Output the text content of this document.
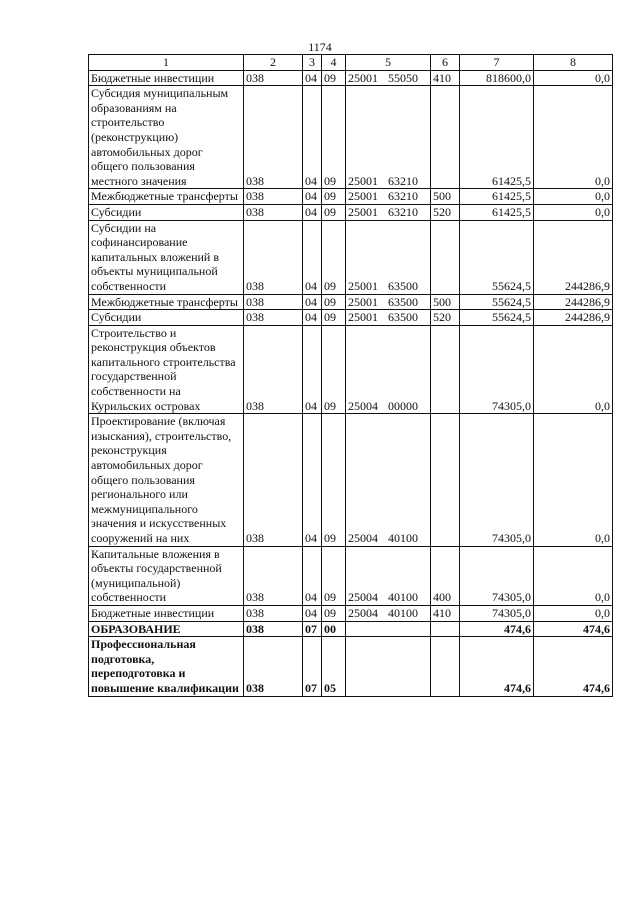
1174
1	2	3	4	5	6	7	8
Бюджетные инвестиции	038	04	09	25001 55050	410	818600,0	0,0
Субсидия муниципальным образованиям на строительство (реконструкцию) автомобильных дорог общего пользования местного значения	038	04	09	25001 63210		61425,5	0,0
Межбюджетные трансферты	038	04	09	25001 63210	500	61425,5	0,0
Субсидии	038	04	09	25001 63210	520	61425,5	0,0
Субсидии на софинансирование капитальных вложений в объекты муниципальной собственности	038	04	09	25001 63500		55624,5	244286,9
Межбюджетные трансферты	038	04	09	25001 63500	500	55624,5	244286,9
Субсидии	038	04	09	25001 63500	520	55624,5	244286,9
Строительство и реконструкция объектов капитального строительства государственной собственности на Курильских островах	038	04	09	25004 00000		74305,0	0,0
Проектирование (включая изыскания), строительство, реконструкция автомобильных дорог общего пользования регионального или межмуниципального значения и искусственных сооружений на них	038	04	09	25004 40100		74305,0	0,0
Капитальные вложения в объекты государственной (муниципальной) собственности	038	04	09	25004 40100	400	74305,0	0,0
Бюджетные инвестиции	038	04	09	25004 40100	410	74305,0	0,0
ОБРАЗОВАНИЕ	038	07	00			474,6	474,6
Профессиональная подготовка, переподготовка и повышение квалификации	038	07	05			474,6	474,6
